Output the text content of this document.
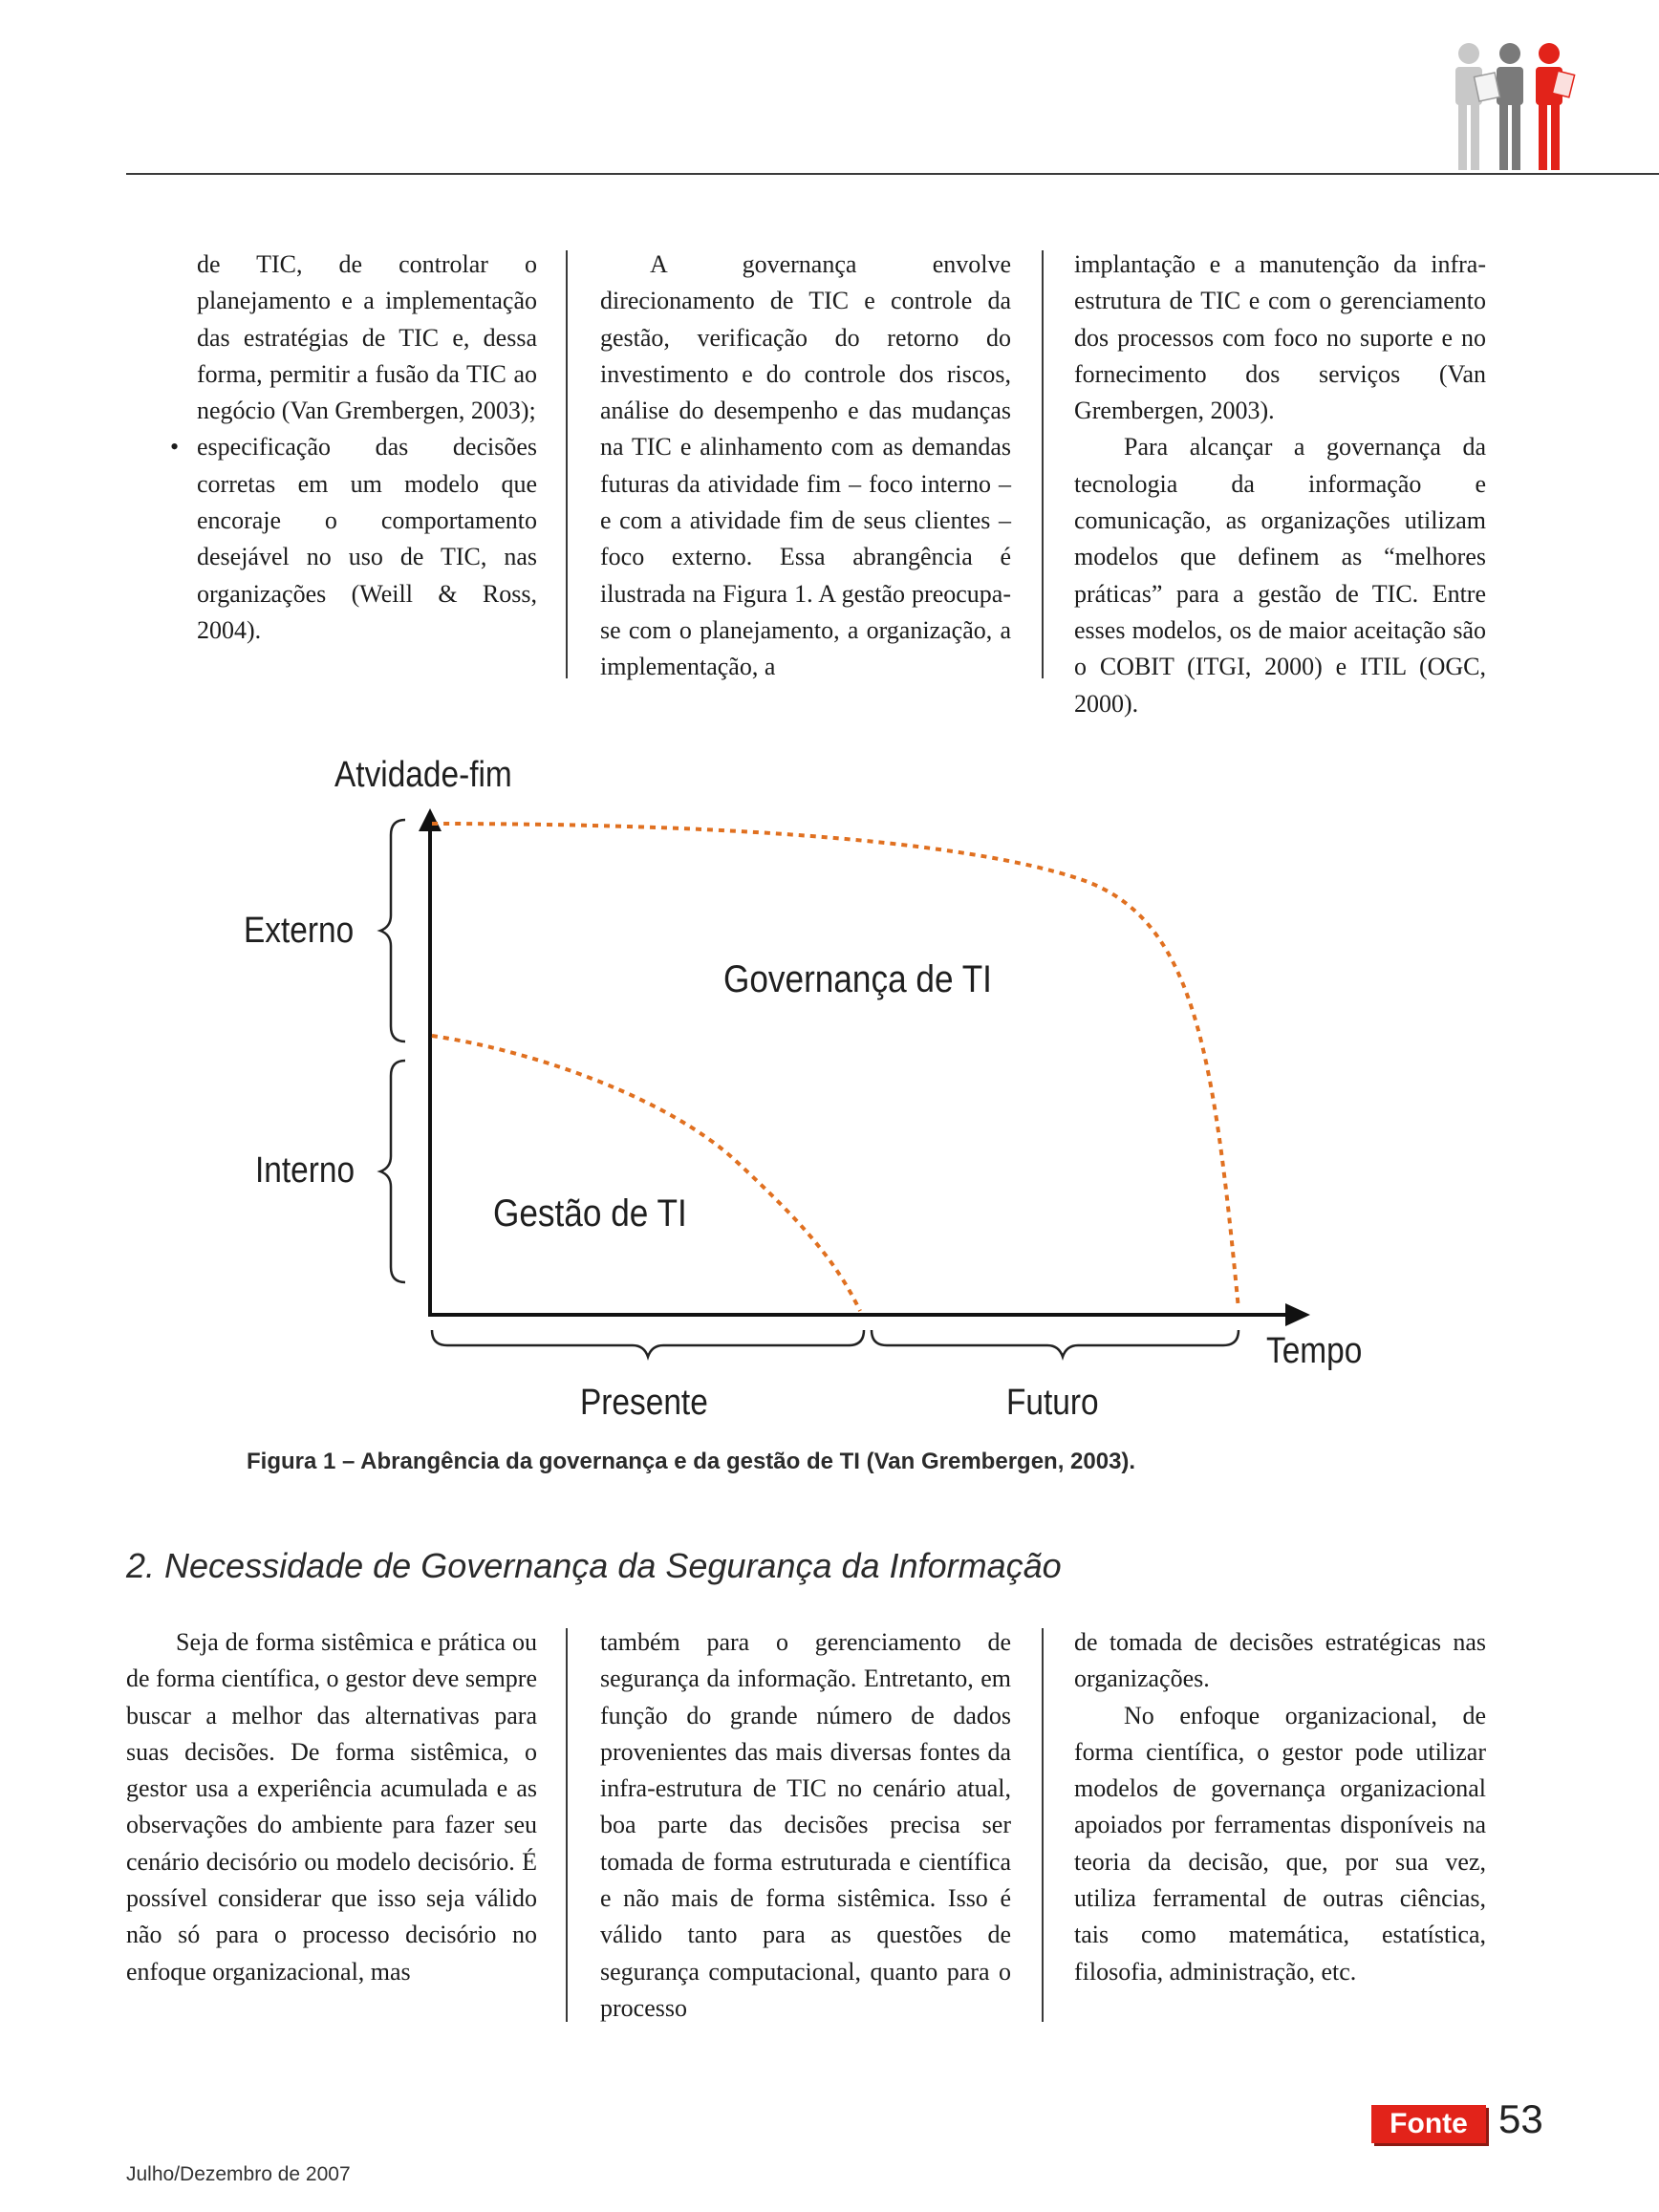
de TIC, de controlar o planejamento e a implementação das estratégias de TIC e, dessa forma, permitir a fusão da TIC ao negócio (Van Grembergen, 2003);

• especificação das decisões corretas em um modelo que encoraje o comportamento desejável no uso de TIC, nas organizações (Weill & Ross, 2004).

A governança envolve direcionamento de TIC e controle da gestão, verificação do retorno do investimento e do controle dos riscos, análise do desempenho e das mudanças na TIC e alinhamento com as demandas futuras da atividade fim – foco interno – e com a atividade fim de seus clientes – foco externo. Essa abrangência é ilustrada na Figura 1. A gestão preocupa-se com o planejamento, a organização, a implementação, a

implantação e a manutenção da infra-estrutura de TIC e com o gerenciamento dos processos com foco no suporte e no fornecimento dos serviços (Van Grembergen, 2003).

Para alcançar a governança da tecnologia da informação e comunicação, as organizações utilizam modelos que definem as “melhores práticas” para a gestão de TIC. Entre esses modelos, os de maior aceitação são o COBIT (ITGI, 2000) e ITIL (OGC, 2000).

Atvidade-fim
Tempo
Externo
Interno
Presente	Futuro
Governança de TI
Gestão de TI
Figura 1 – Abrangência da governança e da gestão de TI (Van Grembergen, 2003).
2. Necessidade de Governança da Segurança da Informação

Seja de forma sistêmica e prática ou de forma científica, o gestor deve sempre buscar a melhor das alternativas para suas decisões. De forma sistêmica, o gestor usa a experiência acumulada e as observações do ambiente para fazer seu cenário decisório ou modelo decisório. É possível considerar que isso seja válido não só para o processo decisório no enfoque organizacional, mas

também para o gerenciamento de segurança da informação. Entretanto, em função do grande número de dados provenientes das mais diversas fontes da infra-estrutura de TIC no cenário atual, boa parte das decisões precisa ser tomada de forma estruturada e científica e não mais de forma sistêmica. Isso é válido tanto para as questões de segurança computacional, quanto para o processo

de tomada de decisões estratégicas nas organizações.

No enfoque organizacional, de forma científica, o gestor pode utilizar modelos de governança organizacional apoiados por ferramentas disponíveis na teoria da decisão, que, por sua vez, utiliza ferramental de outras ciências, tais como matemática, estatística, filosofia, administração, etc.

Julho/Dezembro de 2007
Fonte 53
